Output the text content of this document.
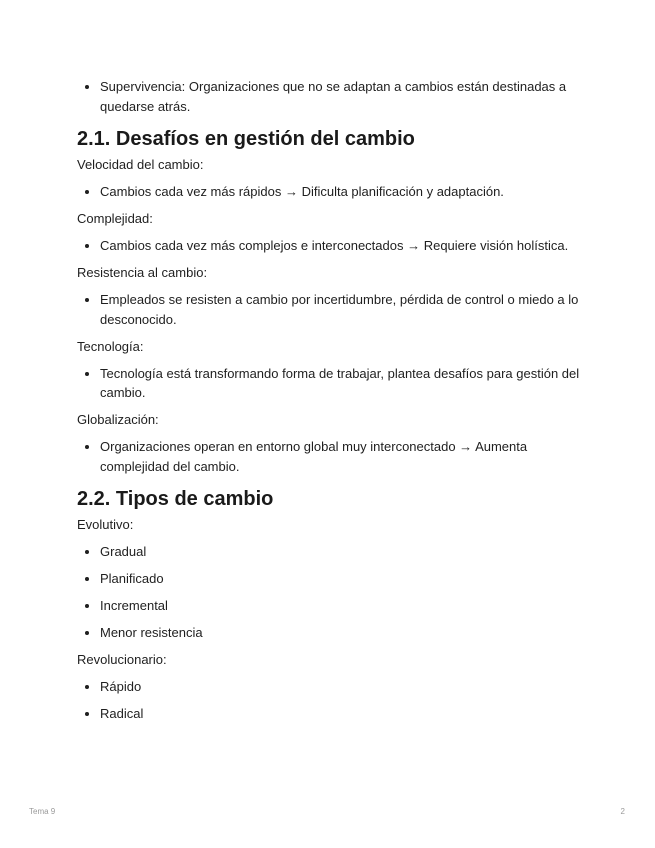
• Supervivencia: Organizaciones que no se adaptan a cambios están destinadas a quedarse atrás.
2.1. Desafíos en gestión del cambio
Velocidad del cambio:
• Cambios cada vez más rápidos → Dificulta planificación y adaptación.
Complejidad:
• Cambios cada vez más complejos e interconectados → Requiere visión holística.
Resistencia al cambio:
• Empleados se resisten a cambio por incertidumbre, pérdida de control o miedo a lo desconocido.
Tecnología:
• Tecnología está transformando forma de trabajar, plantea desafíos para gestión del cambio.
Globalización:
• Organizaciones operan en entorno global muy interconectado → Aumenta complejidad del cambio.
2.2. Tipos de cambio
Evolutivo:
• Gradual
• Planificado
• Incremental
• Menor resistencia
Revolucionario:
• Rápido
• Radical
Tema 9	2
